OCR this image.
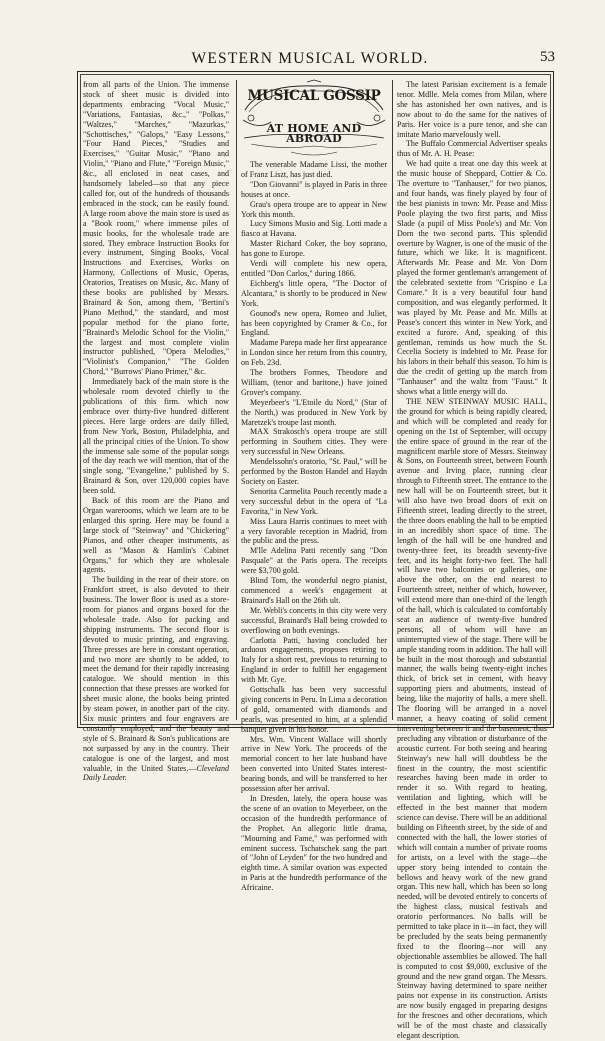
WESTERN MUSICAL WORLD.	53

from all parts of the Union. The immense stock of sheet music is divided into departments embracing "Vocal Music," "Variations, Fantasias, &c.," "Polkas," "Waltzes," "Marches," "Mazurkas," "Schottisches," "Galops," "Easy Lessons," "Four Hand Pieces," "Studies and Exercises," "Guitar Music," "Piano and Violin," "Piano and Flute," "Foreign Music," &c., all enclosed in neat cases, and handsomely labeled—so that any piece called for, out of the hundreds of thousands embraced in the stock, can be easily found. A large room above the main store is used as a "Book room," where immense piles of music books, for the wholesale trade are stored. They embrace Instruction Books for every instrument, Singing Books, Vocal Instructions and Exercises, Works on Harmony, Collections of Music, Operas, Oratorios, Treatises on Music, &c. Many of these books are published by Messrs. Brainard & Son, among them, "Bertini's Piano Method," the standard, and most popular method for the piano forte, "Brainard's Melodic School for the Violin," the largest and most complete violin instructor published, "Opera Melodies," "Violinist's Companion," "The Golden Chord," "Burrows' Piano Primer," &c.

Immediately back of the main store is the wholesale room devoted chiefly to the publications of this firm. which now embrace over thirty-five hundred different pieces. Here large orders are daily filled, from New York, Boston, Philadelphia, and all the principal cities of the Union. To show the immense sale some of the popular songs of the day reach we will mention, that of the single song, "Evangeline," published by S. Brainard & Son, over 120,000 copies have been sold.

Back of this room are the Piano and Organ warerooms, which we learn are to be enlarged this spring. Here may be found a large stock of "Steinway" and "Chickering" Pianos, and other cheaper instruments, as well as "Mason & Hamlin's Cabinet Organs," for which they are wholesale agents.

The building in the rear of their store. on Frankfort street, is also devoted to their business. The lower floor is used as a store-room for pianos and organs boxed for the wholesale trade. Also for packing and shipping instruments. The second floor is devoted to music printing, and engraving. Three presses are here in constant operation, and two more are shortly to be added, to meet the demand for their rapidly increasing catalogue. We should mention in this connection that these presses are worked for sheet music alone, the books being printed by steam power, in another part of the city. Six music printers and four engravers are constantly employed, and the beauty and style of S. Brainard & Son's publications are not surpassed by any in the country. Their catalogue is one of the largest, and most valuable, in the United States.—Cleveland Daily Leader.

MUSICAL GOSSIP
AT HOME AND ABROAD

The venerable Madame Lissi, the mother of Franz Liszt, has just died.

"Don Giovanni" is played in Paris in three houses at once.

Grau's opera troupe are to appear in New York this month.

Lucy Simons Musio and Sig. Lotti made a fiasco at Havana.

Master Richard Coker, the boy soprano, has gone to Europe.

Verdi will complete his new opera, entitled "Don Carlos," during 1866.

Eichberg's little opera, "The Doctor of Alcantara," is shortly to be produced in New York.

Gounod's new opera, Romeo and Juliet, has been copyrighted by Cramer & Co., for England.

Madame Parepa made her first appearance in London since her return from this country, on Feb. 23d.

The brothers Formes, Theodore and William, (tenor and baritone,) have joined Grover's company.

Meyerbeer's "L'Etoile du Nord," (Star of the North,) was produced in New York by Maretzek's troupe last month.

MAX Strakosch's opera troupe are still performing in Southern cities. They were very successful in New Orleans.

Mendelssohn's oratorio, "St. Paul," will be performed by the Boston Handel and Haydn Society on Easter.

Senorita Carmelita Pouch recently made a very successful debut in the opera of "La Favorita," in New York.

Miss Laura Harris continues to meet with a very favorable reception in Madrid, from the public and the press.

M'lle Adelina Patti recently sang "Don Pasquale" at the Paris opera. The receipts were $3,700 gold.

Blind Tom, the wonderful negro pianist, commenced a week's engagement at Brainard's Hall on the 26th ult.

Mr. Webli's concerts in this city were very successful, Brainard's Hall being crowded to overflowing on both evenings.

Carlotta Patti, having concluded her arduous engagements, proposes retiring to Italy for a short rest, previous to returning to England in order to fulfill her engagement with Mr. Gye.

Gottschalk has been very successful giving concerts in Peru. In Lima a decoration of gold, ornamented with diamonds and pearls, was presented to him, at a splendid banquet given in his honor.

Mrs. Wm. Vincent Wallace will shortly arrive in New York. The proceeds of the memorial concert to her late husband have been converted into United States interest-bearing bonds, and will be transferred to her possession after her arrival.

In Dresden, lately, the opera house was the scene of an ovation to Meyerbeer, on the occasion of the hundredth performance of the Prophet. An allegoric little drama, "Mourning and Fame," was performed with eminent success. Tschatschek sang the part of "John of Leyden" for the two hundred and eighth time. A similar ovation was expected in Paris at the hundredth performance of the Africaine.

The latest Parisian excitement is a female tenor. Mdlle. Mela comes from Milan, where she has astonished her own natives, and is now about to do the same for the natives of Paris. Her voice is a pure tenor, and she can imitate Mario marvelously well.

The Buffalo Commercial Advertiser speaks thus of Mr. A. H. Pease:

We had quite a treat one day this week at the music house of Sheppard, Cottier & Co. The overture to "Tanhauser," for two pianos, and four hands, was finely played by four of the best pianists in town: Mr. Pease and Miss Poole playing the two first parts, and Miss Slade (a pupil of Miss Poole's) and Mr. Von Dorn the two second parts. This splendid overture by Wagner, is one of the music of the future, which we like. It is magnificent. Afterwards Mr. Pease and Mr. Von Dorn played the former gentleman's arrangement of the celebrated sextette from "Crispino e La Comare." It is a very beautiful four hand composition, and was elegantly performed. It was played by Mr. Pease and Mr. Mills at Pease's concert this winter in New York, and excited a furore. And, speaking of this gentleman, reminds us how much the St. Cecelia Society is indebted to Mr. Pease for his labors in their behalf this season. To him is due the credit of getting up the march from "Tanhauser" and the waltz from "Faust." It shows what a little energy will do.

THE NEW STEINWAY MUSIC HALL, the ground for which is being rapidly cleared, and which will be completed and ready for opening on the 1st of September, will occupy the entire space of ground in the rear of the magnificent marble store of Messrs. Steinway & Sons, on Fourteenth street, between Fourth avenue and Irving place, running clear through to Fifteenth street. The entrance to the new hall will be on Fourteenth street, but it will also have two broad doors of exit on Fifteenth street, leading directly to the street, the three doors enabling the hall to be emptied in an incredibly short space of time. The length of the hall will be one hundred and twenty-three feet, its breadth seventy-five feet, and its height forty-two feet. The hall will have two balconies or galleries, one above the other, on the end nearest to Fourteenth street, neither of which, however, will extend more than one-third of the length of the hall, which is calculated to comfortably seat an audience of twenty-five hundred persons, all of whom will have an uninterrupted view of the stage. There will be ample standing room in addition. The hall will be built in the most thorough and substantial manner, the walls being twenty-eight inches thick, of brick set in cement, with heavy supporting piers and abutments, instead of being, like the majority of halls, a mere shell. The flooring will be arranged in a novel manner, a heavy coating of solid cement intervening between it and the basement, thus precluding any vibration or disturbance of the acoustic current. For both seeing and hearing Steinway's new hall will doubtless be the finest in the country, the most scientific researches having been made in order to render it so. With regard to heating, ventilation and lighting, which will be effected in the best manner that modern science can devise. There will be an additional building on Fifteenth street, by the side of and connected with the hall, the lower stories of which will contain a number of private rooms for artists, on a level with the stage—the upper story being intended to contain the bellows and heavy work of the new grand organ. This new hall, which has been so long needed, will be devoted entirely to concerts of the highest class, musical festivals and oratorio performances. No balls will be permitted to take place in it—in fact, they will be precluded by the seats being permanently fixed to the flooring—nor will any objectionable assemblies be allowed. The hall is computed to cost $9,000, exclusive of the ground and the new grand organ. The Messrs. Steinway having determined to spare neither pains nor expense in its construction. Artists are now busily engaged in preparing designs for the frescoes and other decorations, which will be of the most chaste and classically elegant description.
